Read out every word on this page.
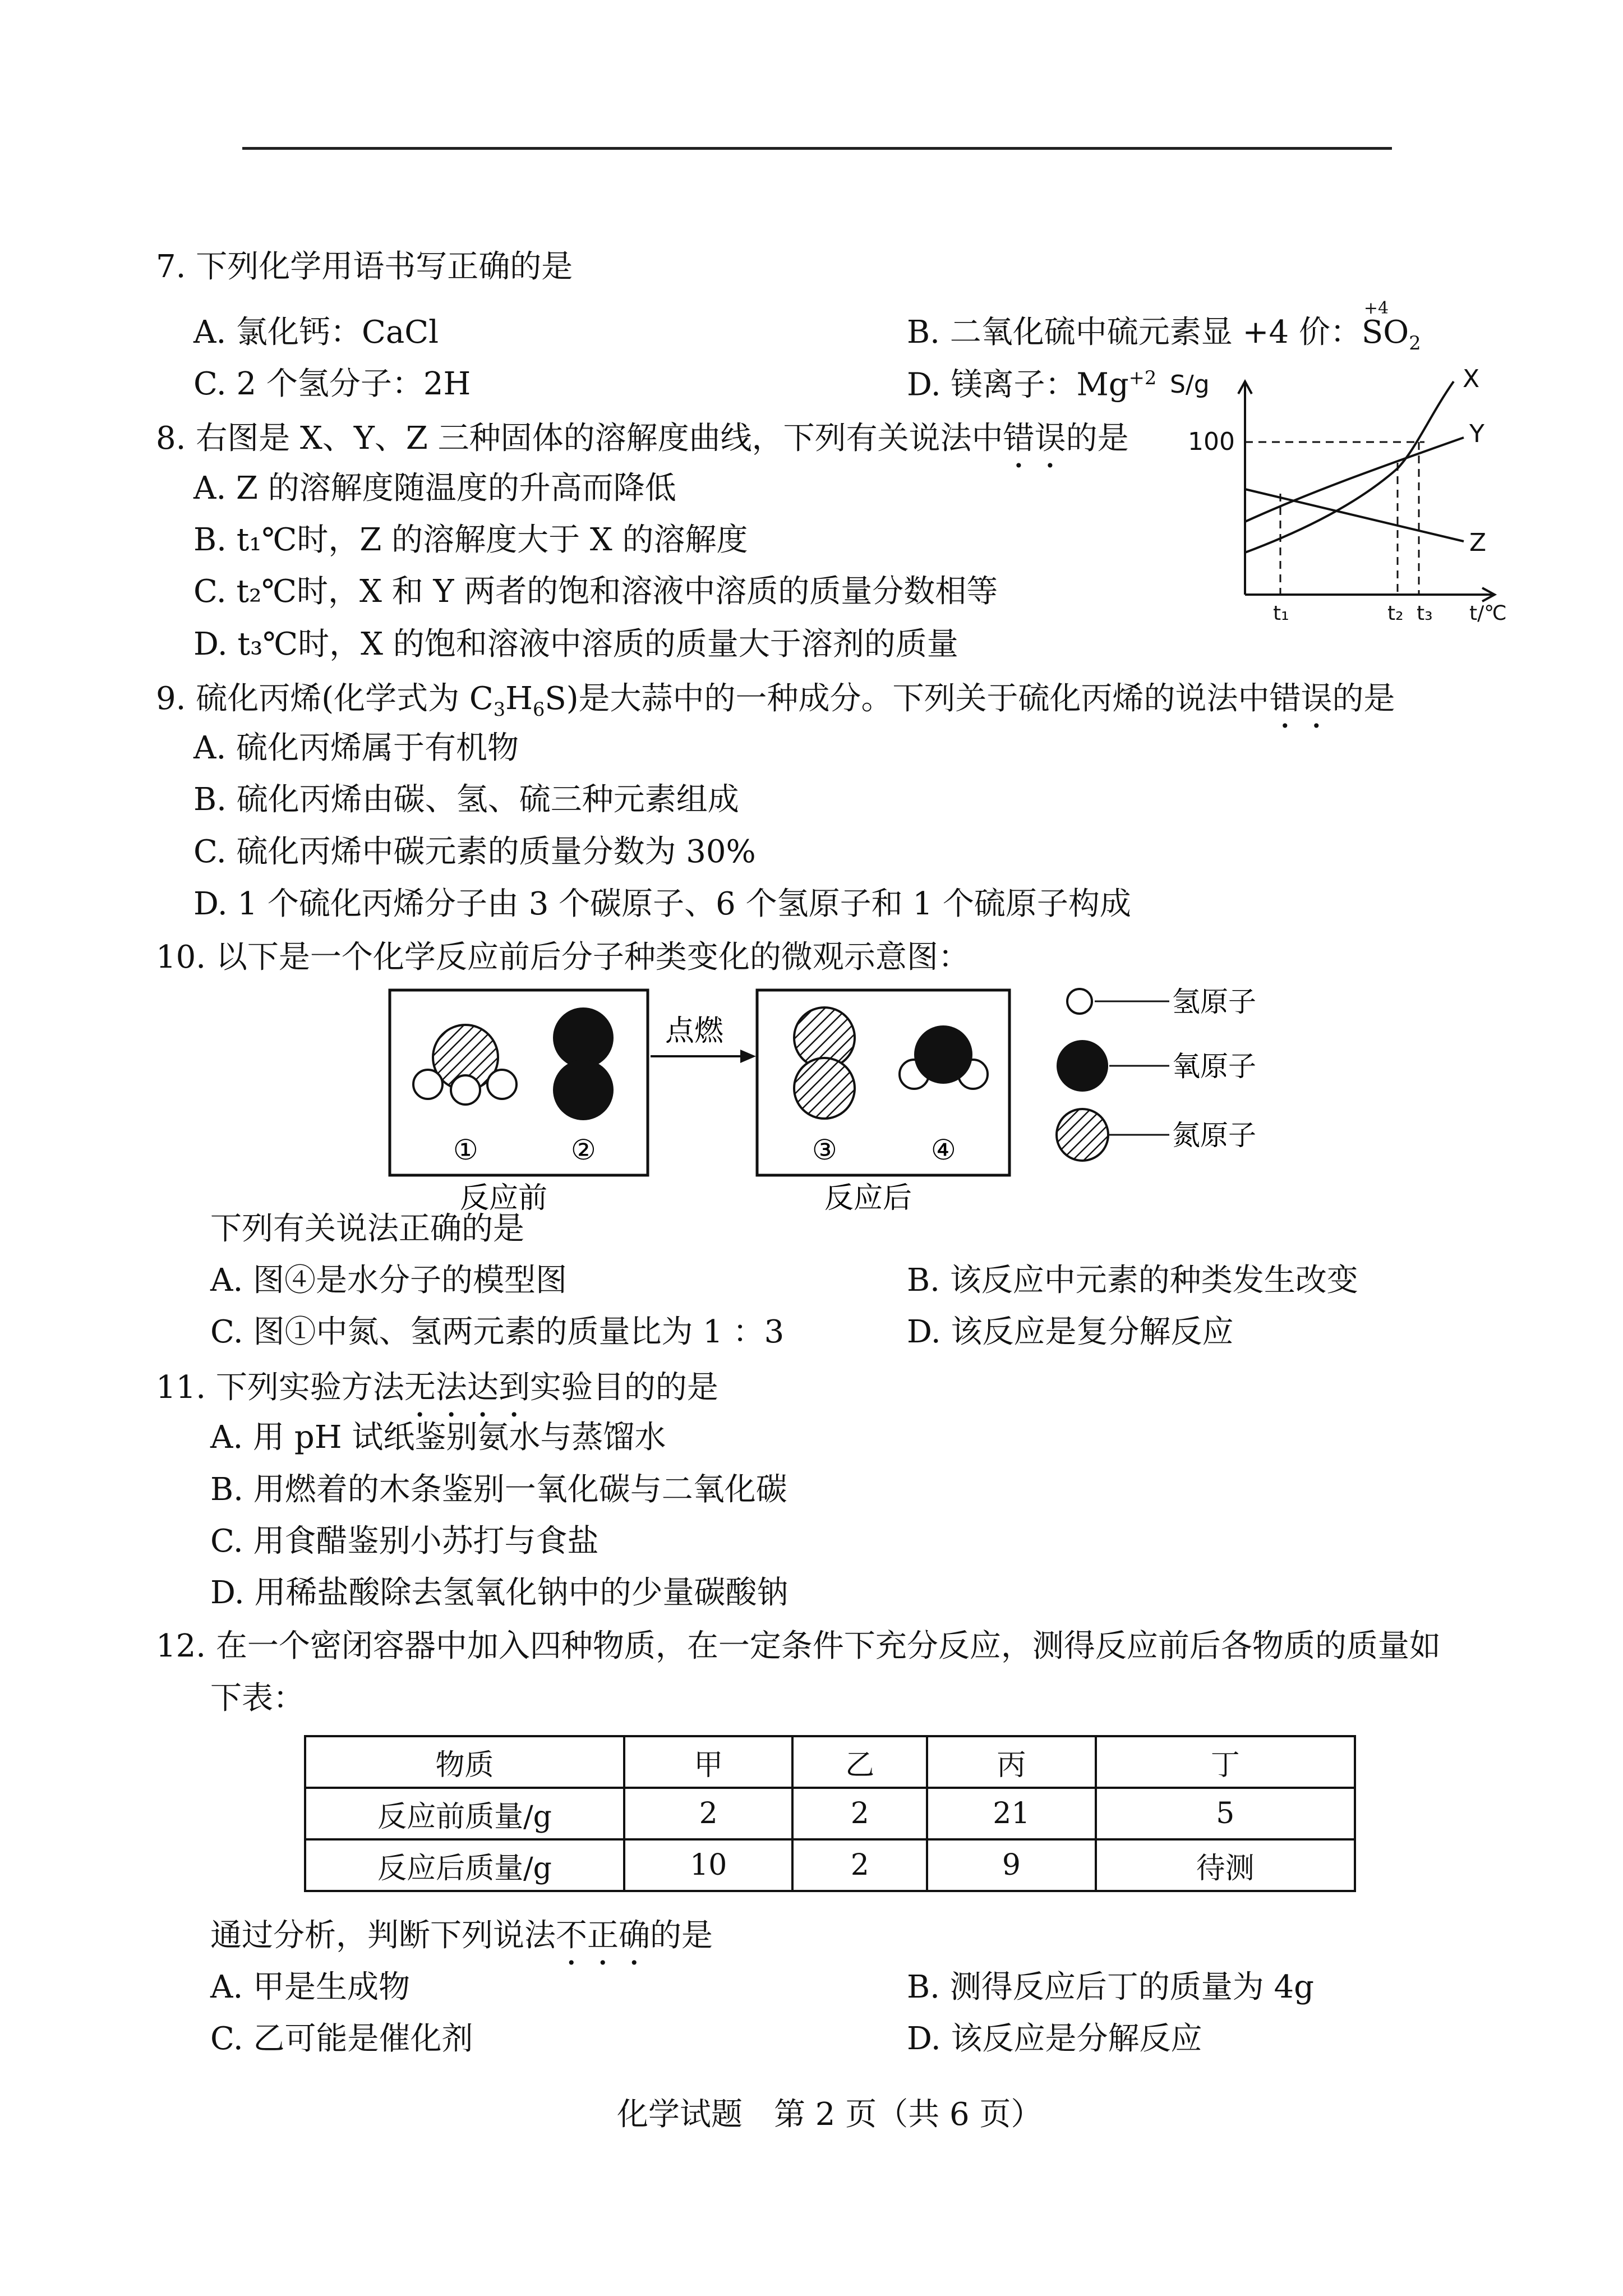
7. 下列化学用语书写正确的是
A. 氯化钙：CaCl	B. 二氧化硫中硫元素显 +4 价：
+4
$SO_2$
C. 2 个氢分子：2H	D. 镁离子：$Mg^{+2}$
8. 右图是 X、Y、Z 三种固体的溶解度曲线，下列有关说法中错误的是
A. Z 的溶解度随温度的升高而降低
B. t₁℃时，Z 的溶解度大于 X 的溶解度
C. t₂℃时，X 和 Y 两者的饱和溶液中溶质的质量分数相等
D. t₃℃时，X 的饱和溶液中溶质的质量大于溶剂的质量
S/g
100
t/℃
X
Y
Z
t₁	t₂ t₃
9. 硫化丙烯(化学式为 $C_3H_6S$)是大蒜中的一种成分。下列关于硫化丙烯的说法中错误的是
A. 硫化丙烯属于有机物
B. 硫化丙烯由碳、氢、硫三种元素组成
C. 硫化丙烯中碳元素的质量分数为 30%
D. 1 个硫化丙烯分子由 3 个碳原子、6 个氢原子和 1 个硫原子构成
10. 以下是一个化学反应前后分子种类变化的微观示意图：
①	②
点燃
③	④
反应前	反应后
氢原子
氧原子
氮原子
下列有关说法正确的是
A. 图④是水分子的模型图	B. 该反应中元素的种类发生改变
C. 图①中氮、氢两元素的质量比为 1 ：3	D. 该反应是复分解反应
11. 下列实验方法无法达到实验目的的是
A. 用 pH 试纸鉴别氨水与蒸馏水
B. 用燃着的木条鉴别一氧化碳与二氧化碳
C. 用食醋鉴别小苏打与食盐
D. 用稀盐酸除去氢氧化钠中的少量碳酸钠
12. 在一个密闭容器中加入四种物质，在一定条件下充分反应，测得反应前后各物质的质量如
下表：
物质	甲	乙	丙	丁
反应前质量/g	2	2	21	5
反应后质量/g	10	2	9	待测
通过分析，判断下列说法不正确的是
A. 甲是生成物	B. 测得反应后丁的质量为 4g
C. 乙可能是催化剂	D. 该反应是分解反应
化学试题　第 2 页（共 6 页）
